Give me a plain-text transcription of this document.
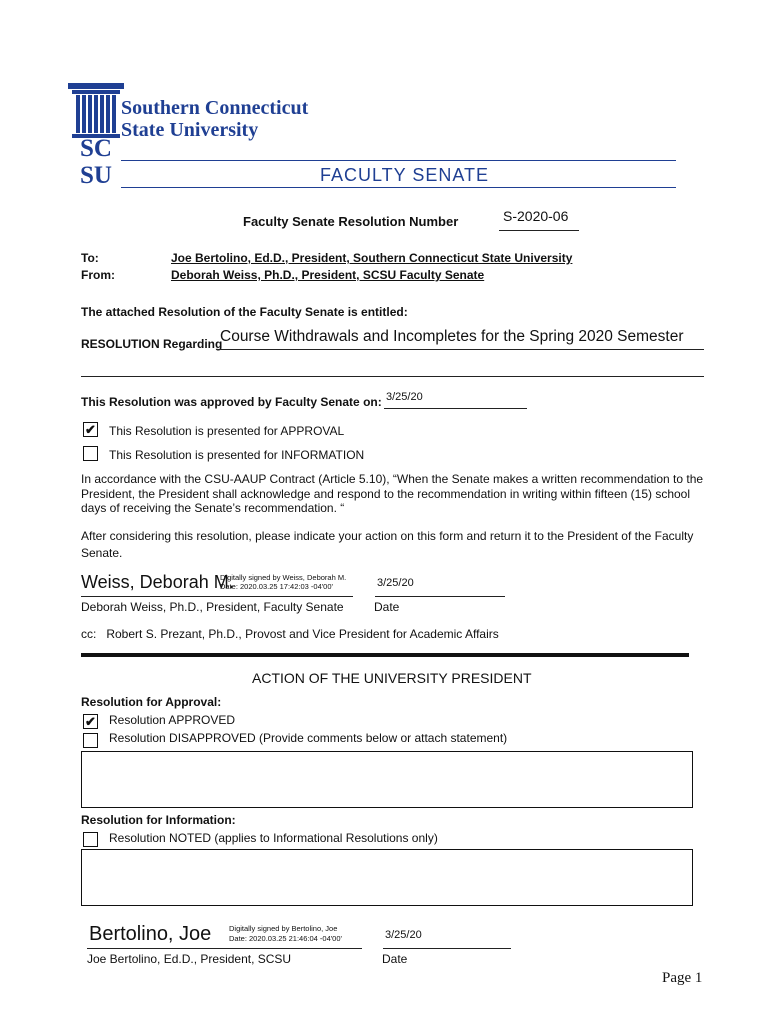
SC
SU
Southern Connecticut
State University
FACULTY SENATE
Faculty Senate Resolution Number	S-2020-06
To:	Joe Bertolino, Ed.D., President, Southern Connecticut State University
From:	Deborah Weiss, Ph.D., President, SCSU Faculty Senate
The attached Resolution of the Faculty Senate is entitled:
RESOLUTION Regarding
Course Withdrawals and Incompletes for the Spring 2020 Semester
This Resolution was approved by Faculty Senate on: 3/25/20
✔ This Resolution is presented for APPROVAL
This Resolution is presented for INFORMATION
In accordance with the CSU-AAUP Contract (Article 5.10), “When the Senate makes a written recommendation to the President, the President shall acknowledge and respond to the recommendation in writing within fifteen (15) school days of receiving the Senate’s recommendation. “
After considering this resolution, please indicate your action on this form and return it to the President of the Faculty Senate.
Weiss, Deborah M.
Digitally signed by Weiss, Deborah M.
Date: 2020.03.25 17:42:03 -04'00'	3/25/20
Deborah Weiss, Ph.D., President, Faculty Senate	Date
cc:   Robert S. Prezant, Ph.D., Provost and Vice President for Academic Affairs
ACTION OF THE UNIVERSITY PRESIDENT
Resolution for Approval:
✔ Resolution APPROVED
Resolution DISAPPROVED (Provide comments below or attach statement)
Resolution for Information:
Resolution NOTED (applies to Informational Resolutions only)
Bertolino, Joe Digitally signed by Bertolino, Joe
Date: 2020.03.25 21:46:04 -04'00'	3/25/20
Joe Bertolino, Ed.D., President, SCSU	Date
Page 1
